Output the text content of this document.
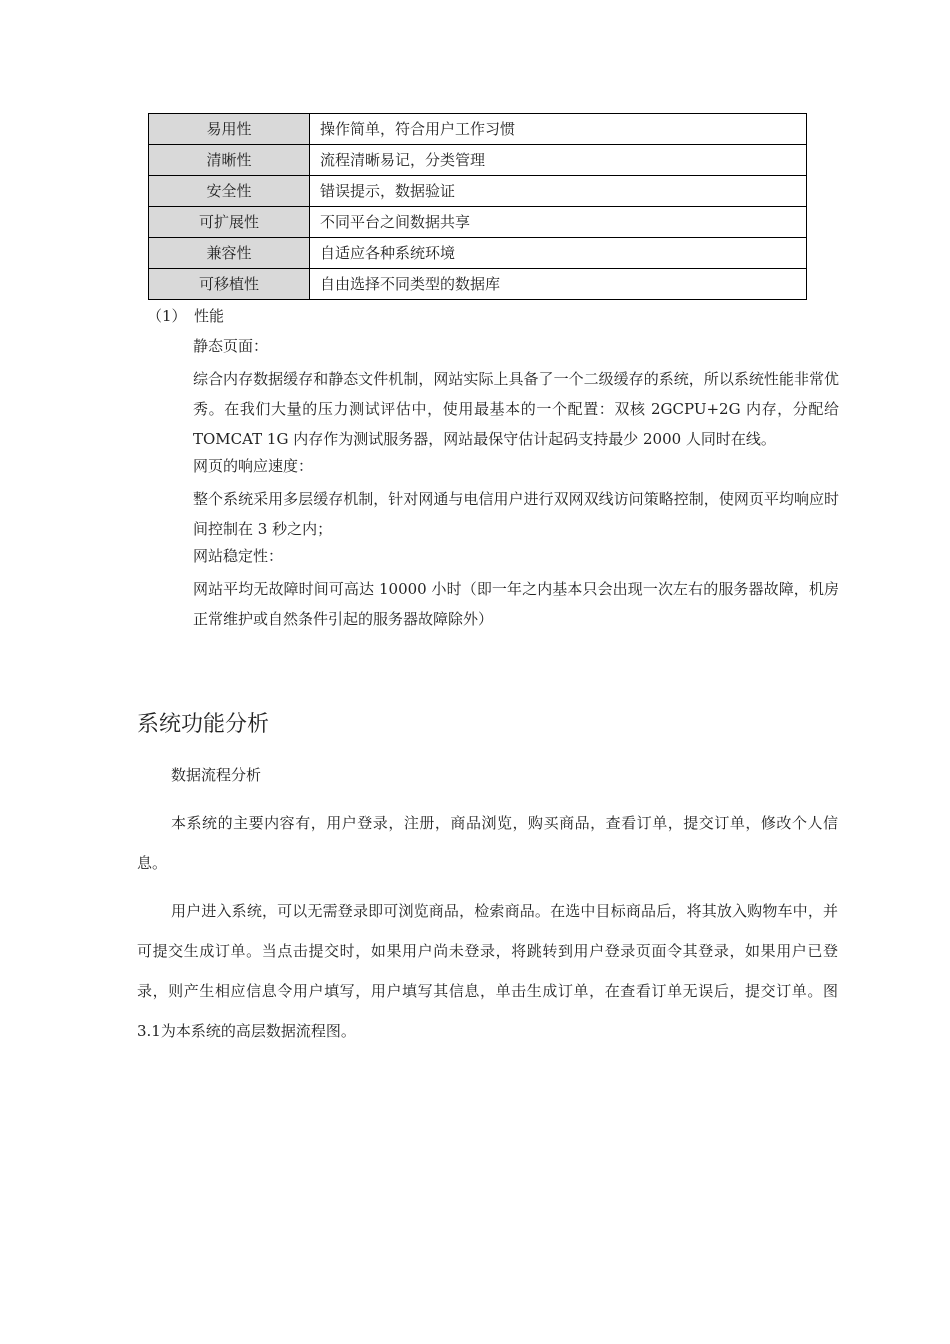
易用性	操作简单，符合用户工作习惯
清晰性	流程清晰易记，分类管理
安全性	错误提示，数据验证
可扩展性	不同平台之间数据共享
兼容性	自适应各种系统环境
可移植性	自由选择不同类型的数据库
（1） 性能
静态页面：
综合内存数据缓存和静态文件机制，网站实际上具备了一个二级缓存的系统，所以系统性能非常优秀。在我们大量的压力测试评估中，使用最基本的一个配置：双核 2GCPU+2G 内存，分配给 TOMCAT 1G 内存作为测试服务器，网站最保守估计起码支持最少 2000 人同时在线。
网页的响应速度：
整个系统采用多层缓存机制，针对网通与电信用户进行双网双线访问策略控制，使网页平均响应时间控制在 3 秒之内；
网站稳定性：
网站平均无故障时间可高达 10000 小时（即一年之内基本只会出现一次左右的服务器故障，机房正常维护或自然条件引起的服务器故障除外）
系统功能分析
数据流程分析

本系统的主要内容有，用户登录，注册，商品浏览，购买商品，查看订单，提交订单，修改个人信息。

用户进入系统，可以无需登录即可浏览商品，检索商品。在选中目标商品后，将其放入购物车中，并可提交生成订单。当点击提交时，如果用户尚未登录，将跳转到用户登录页面令其登录，如果用户已登录，则产生相应信息令用户填写，用户填写其信息，单击生成订单，在查看订单无误后，提交订单。图 3.1为本系统的高层数据流程图。
